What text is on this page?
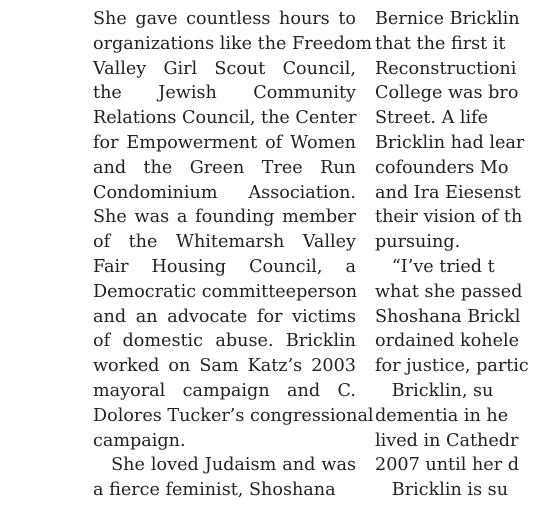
She gave countless hours to
organizations like the Freedom
Valley Girl Scout Council,
the Jewish Community
Relations Council, the Center
for Empowerment of Women
and the Green Tree Run
Condominium Association.
She was a founding member
of the Whitemarsh Valley
Fair Housing Council, a
Democratic committeeperson
and an advocate for victims
of domestic abuse. Bricklin
worked on Sam Katz’s 2003
mayoral campaign and C.
Dolores Tucker’s congressional
campaign.
She loved Judaism and was
a fierce feminist, Shoshana
Bernice Bricklin
that the first it
Reconstructioni
College was bro
Street. A life
Bricklin had lear
cofounders Mo
and Ira Eiesenst
their vision of th
pursuing.
“I’ve tried t
what she passed
Shoshana Brickl
ordained kohele
for justice, partic
Bricklin, su
dementia in he
lived in Cathedr
2007 until her d
Bricklin is su
